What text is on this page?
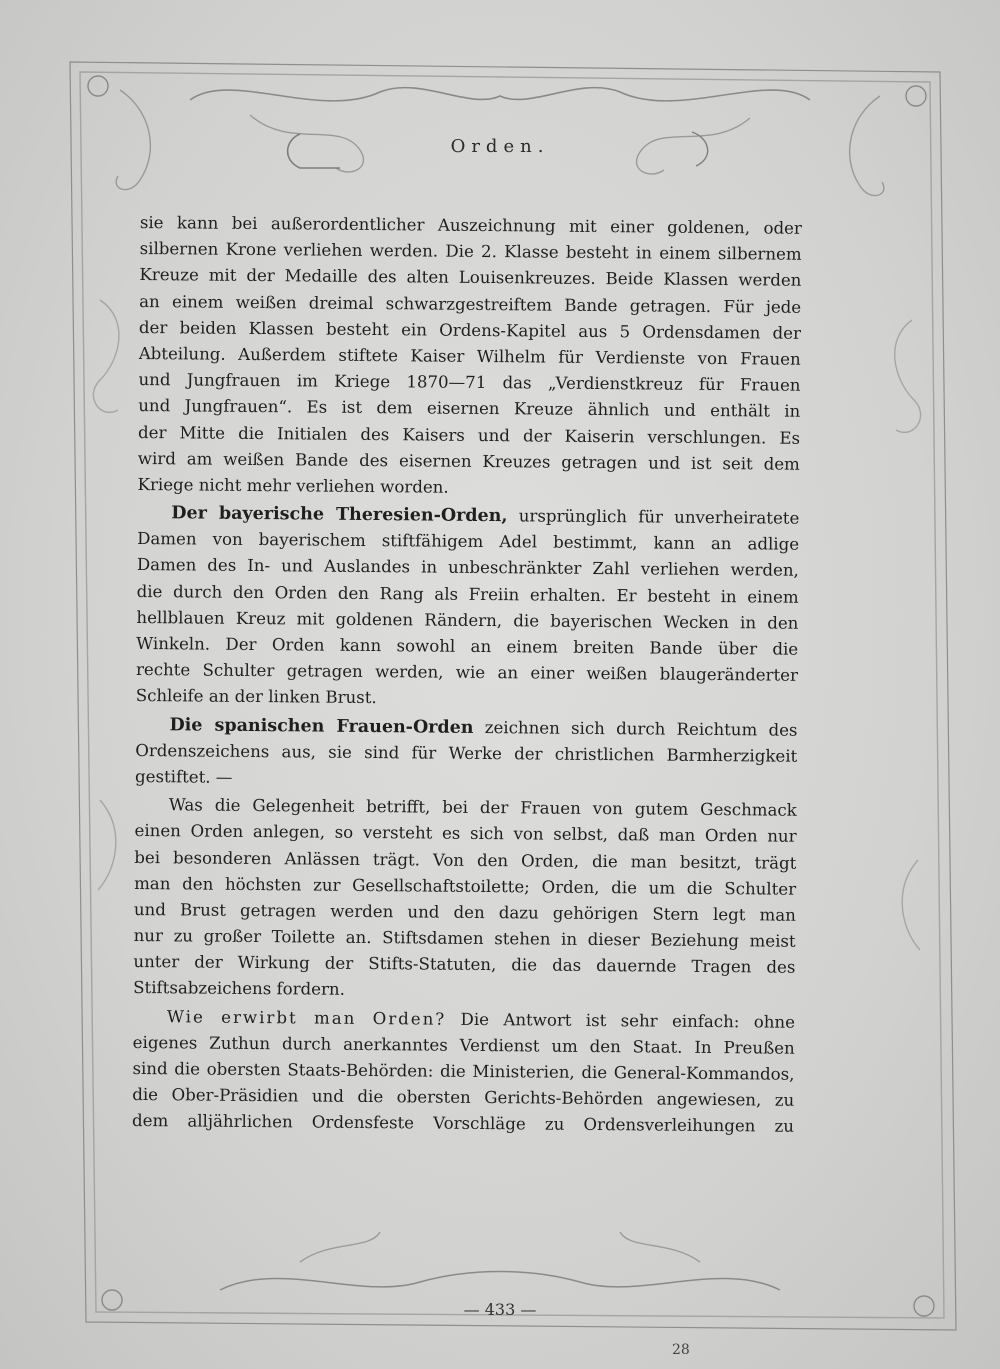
Orden.
sie kann bei außerordentlicher Auszeichnung mit einer goldenen, oder
silbernen Krone verliehen werden. Die 2. Klasse besteht in einem silbernem
Kreuze mit der Medaille des alten Louisenkreuzes. Beide Klassen werden
an einem weißen dreimal schwarzgestreiftem Bande getragen. Für jede
der beiden Klassen besteht ein Ordens-Kapitel aus 5 Ordensdamen der
Abteilung. Außerdem stiftete Kaiser Wilhelm für Verdienste von Frauen
und Jungfrauen im Kriege 1870—71 das „Verdienstkreuz für Frauen
und Jungfrauen“. Es ist dem eisernen Kreuze ähnlich und enthält in
der Mitte die Initialen des Kaisers und der Kaiserin verschlungen. Es
wird am weißen Bande des eisernen Kreuzes getragen und ist seit dem
Kriege nicht mehr verliehen worden.
Der bayerische Theresien-Orden, ursprünglich für unverheiratete
Damen von bayerischem stiftfähigem Adel bestimmt, kann an adlige
Damen des In- und Auslandes in unbeschränkter Zahl verliehen werden,
die durch den Orden den Rang als Freiin erhalten. Er besteht in einem
hellblauen Kreuz mit goldenen Rändern, die bayerischen Wecken in den
Winkeln. Der Orden kann sowohl an einem breiten Bande über die
rechte Schulter getragen werden, wie an einer weißen blaugeränderter
Schleife an der linken Brust.
Die spanischen Frauen-Orden zeichnen sich durch Reichtum des
Ordenszeichens aus, sie sind für Werke der christlichen Barmherzigkeit
gestiftet. —
Was die Gelegenheit betrifft, bei der Frauen von gutem Geschmack
einen Orden anlegen, so versteht es sich von selbst, daß man Orden nur
bei besonderen Anlässen trägt. Von den Orden, die man besitzt, trägt
man den höchsten zur Gesellschaftstoilette; Orden, die um die Schulter
und Brust getragen werden und den dazu gehörigen Stern legt man
nur zu großer Toilette an. Stiftsdamen stehen in dieser Beziehung meist
unter der Wirkung der Stifts-Statuten, die das dauernde Tragen des
Stiftsabzeichens fordern.
Wie erwirbt man Orden? Die Antwort ist sehr einfach: ohne
eigenes Zuthun durch anerkanntes Verdienst um den Staat. In Preußen
sind die obersten Staats-Behörden: die Ministerien, die General-Kommandos,
die Ober-Präsidien und die obersten Gerichts-Behörden angewiesen, zu
dem alljährlichen Ordensfeste Vorschläge zu Ordensverleihungen zu
— 433 —
28
